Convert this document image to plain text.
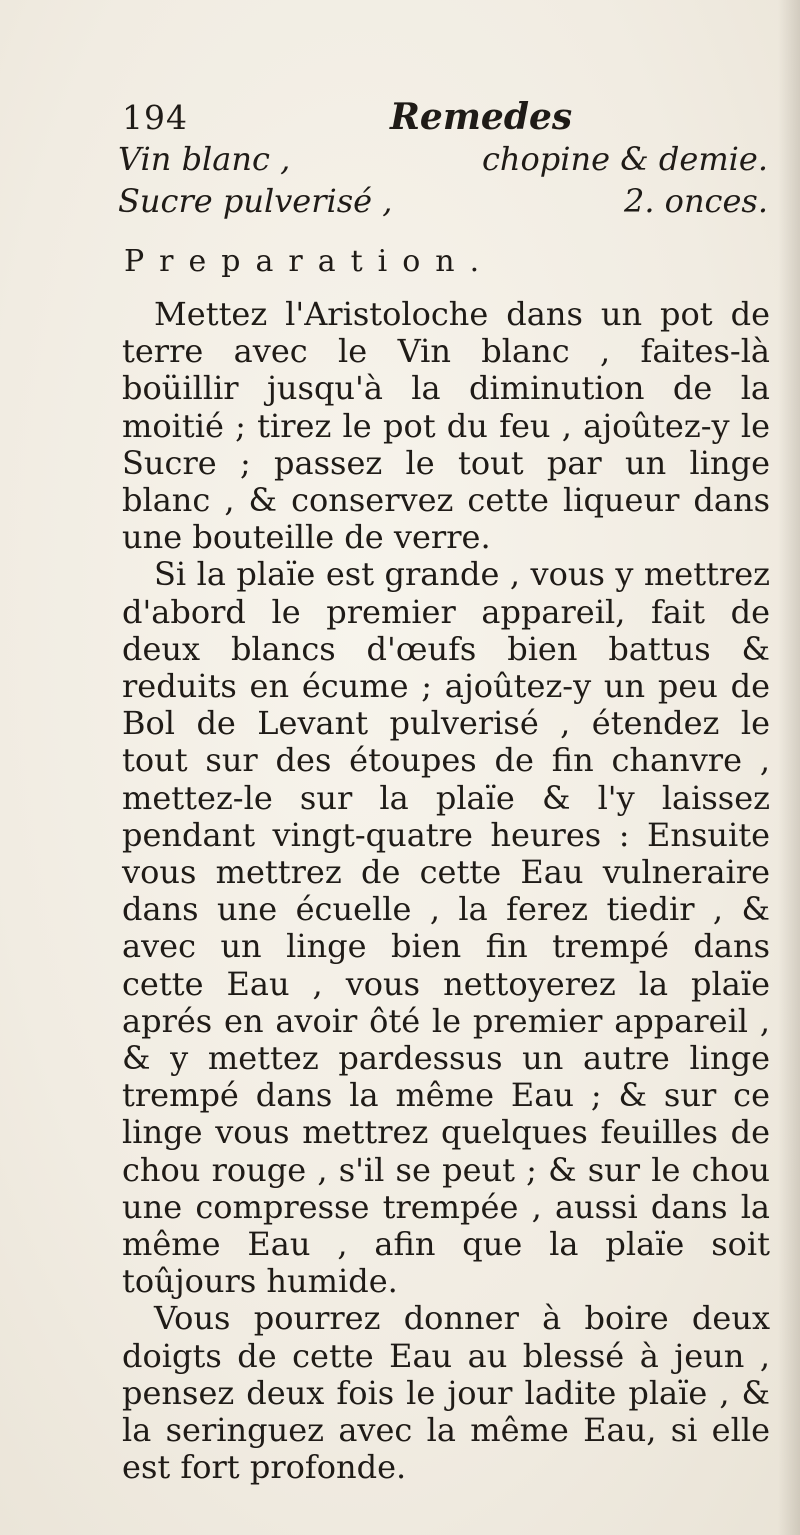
194	Remedes
Vin blanc ,	chopine & demie.
Sucre pulverisé ,	2. onces.
Preparation.

Mettez l'Aristoloche dans un pot de terre avec le Vin blanc , faites-là boüillir jusqu'à la diminution de la moitié ; tirez le pot du feu , ajoûtez-y le Sucre ; passez le tout par un linge blanc , & conservez cette liqueur dans une bouteille de verre.

Si la plaïe est grande , vous y mettrez d'abord le premier appareil, fait de deux blancs d'œufs bien battus & reduits en écume ; ajoûtez-y un peu de Bol de Levant pulverisé , étendez le tout sur des étoupes de fin chanvre , mettez-le sur la plaïe & l'y laissez pendant vingt-quatre heures : Ensuite vous mettrez de cette Eau vulneraire dans une écuelle , la ferez tiedir , & avec un linge bien fin trempé dans cette Eau , vous nettoyerez la plaïe aprés en avoir ôté le premier appareil , & y mettez pardessus un autre linge trempé dans la même Eau ; & sur ce linge vous mettrez quelques feuilles de chou rouge , s'il se peut ; & sur le chou une compresse trempée , aussi dans la même Eau , afin que la plaïe soit toûjours humide.

Vous pourrez donner à boire deux doigts de cette Eau au blessé à jeun , pensez deux fois le jour ladite plaïe , & la seringuez avec la même Eau, si elle est fort profonde.
